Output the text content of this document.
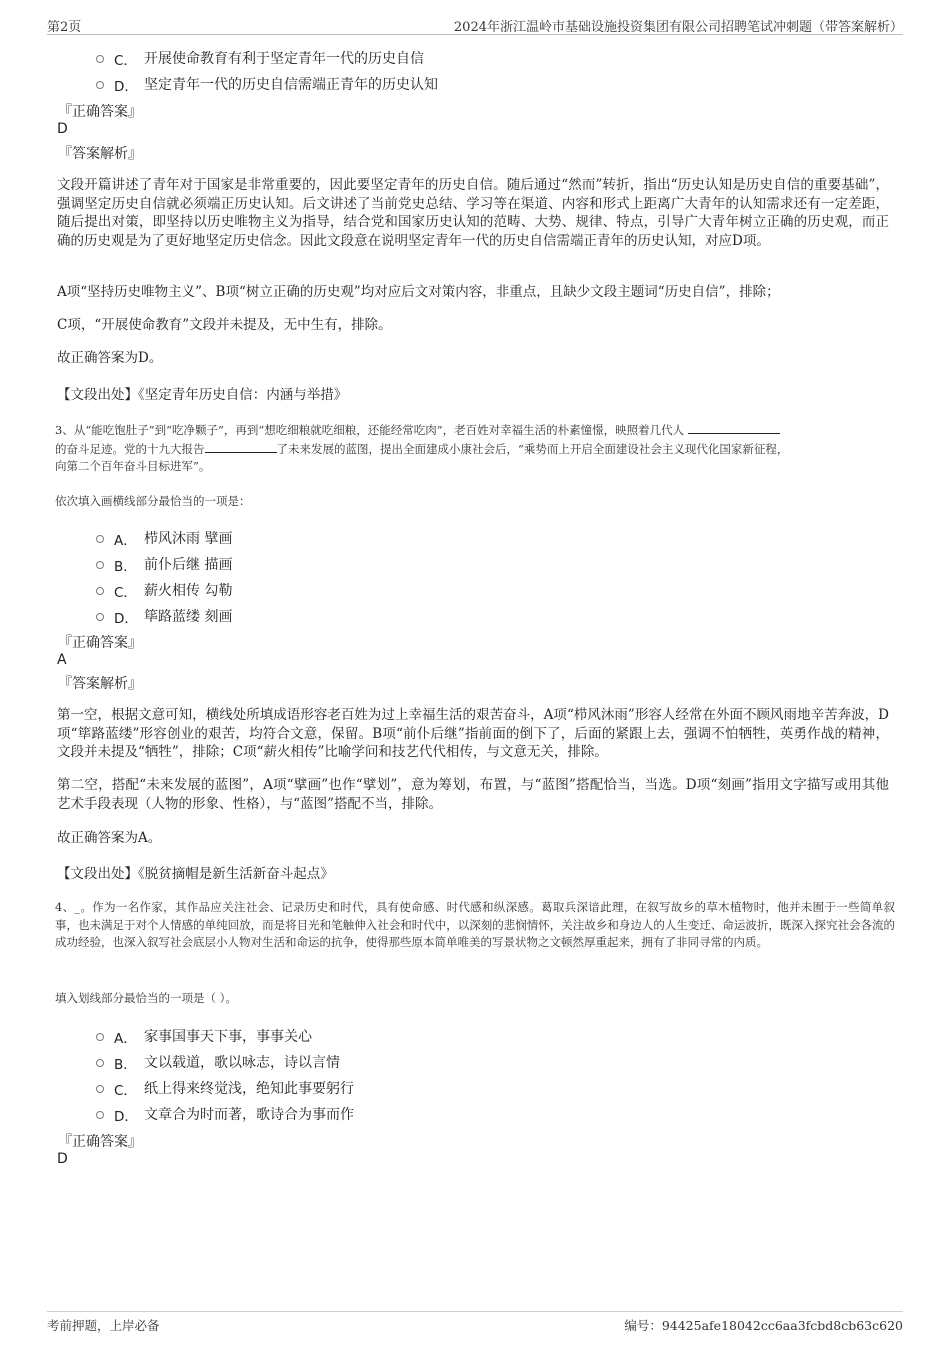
第2页	2024年浙江温岭市基础设施投资集团有限公司招聘笔试冲刺题（带答案解析）
C． 开展使命教育有利于坚定青年一代的历史自信
D． 坚定青年一代的历史自信需端正青年的历史认知
『正确答案』
D
『答案解析』
文段开篇讲述了青年对于国家是非常重要的，因此要坚定青年的历史自信。随后通过“然而”转折，指出“历史认知是历史自信的重要基础”，强调坚定历史自信就必须端正历史认知。后文讲述了当前党史总结、学习等在渠道、内容和形式上距离广大青年的认知需求还有一定差距，随后提出对策，即坚持以历史唯物主义为指导，结合党和国家历史认知的范畴、大势、规律、特点，引导广大青年树立正确的历史观，而正确的历史观是为了更好地坚定历史信念。因此文段意在说明坚定青年一代的历史自信需端正青年的历史认知，对应D项。
A项“坚持历史唯物主义”、B项“树立正确的历史观”均对应后文对策内容，非重点，且缺少文段主题词“历史自信”，排除；
C项，“开展使命教育”文段并未提及，无中生有，排除。
故正确答案为D。
【文段出处】《坚定青年历史自信：内涵与举措》
3、从“能吃饱肚子”到“吃净颗子”，再到“想吃细粮就吃细粮，还能经常吃肉”，老百姓对幸福生活的朴素憧憬，映照着几代人
的奋斗足迹。党的十九大报告	了未来发展的蓝图，提出全面建成小康社会后，“乘势而上开启全面建设社会主义现代化国家新征程，
向第二个百年奋斗目标进军”。
依次填入画横线部分最恰当的一项是：
A． 栉风沐雨 擘画
B． 前仆后继 描画
C． 薪火相传 勾勒
D． 筚路蓝缕 刻画
『正确答案』
A
『答案解析』
第一空，根据文意可知，横线处所填成语形容老百姓为过上幸福生活的艰苦奋斗，A项“栉风沐雨”形容人经常在外面不顾风雨地辛苦奔波，D项“筚路蓝缕”形容创业的艰苦，均符合文意，保留。B项“前仆后继”指前面的倒下了，后面的紧跟上去，强调不怕牺牲，英勇作战的精神，文段并未提及“牺牲”，排除；C项“薪火相传”比喻学问和技艺代代相传，与文意无关，排除。
第二空，搭配“未来发展的蓝图”，A项“擘画”也作“擘划”，意为筹划，布置，与“蓝图”搭配恰当，当选。D项“刻画”指用文字描写或用其他艺术手段表现（人物的形象、性格），与“蓝图”搭配不当，排除。
故正确答案为A。
【文段出处】《脱贫摘帽是新生活新奋斗起点》
4、_。作为一名作家，其作品应关注社会、记录历史和时代，具有使命感、时代感和纵深感。葛取兵深谙此理，在叙写故乡的草木植物时，他并未囿于一些简单叙事，也未满足于对个人情感的单纯回放，而是将目光和笔触伸入社会和时代中，以深刻的悲悯情怀，关注故乡和身边人的人生变迁、命运波折，既深入探究社会各流的成功经验，也深入叙写社会底层小人物对生活和命运的抗争，使得那些原本简单唯美的写景状物之文顿然厚重起来，拥有了非同寻常的内质。
填入划线部分最恰当的一项是（ ）。
A． 家事国事天下事，事事关心
B． 文以载道，歌以咏志，诗以言情
C． 纸上得来终觉浅，绝知此事要躬行
D． 文章合为时而著，歌诗合为事而作
『正确答案』
D
考前押题，上岸必备	编号：94425afe18042cc6aa3fcbd8cb63c620
